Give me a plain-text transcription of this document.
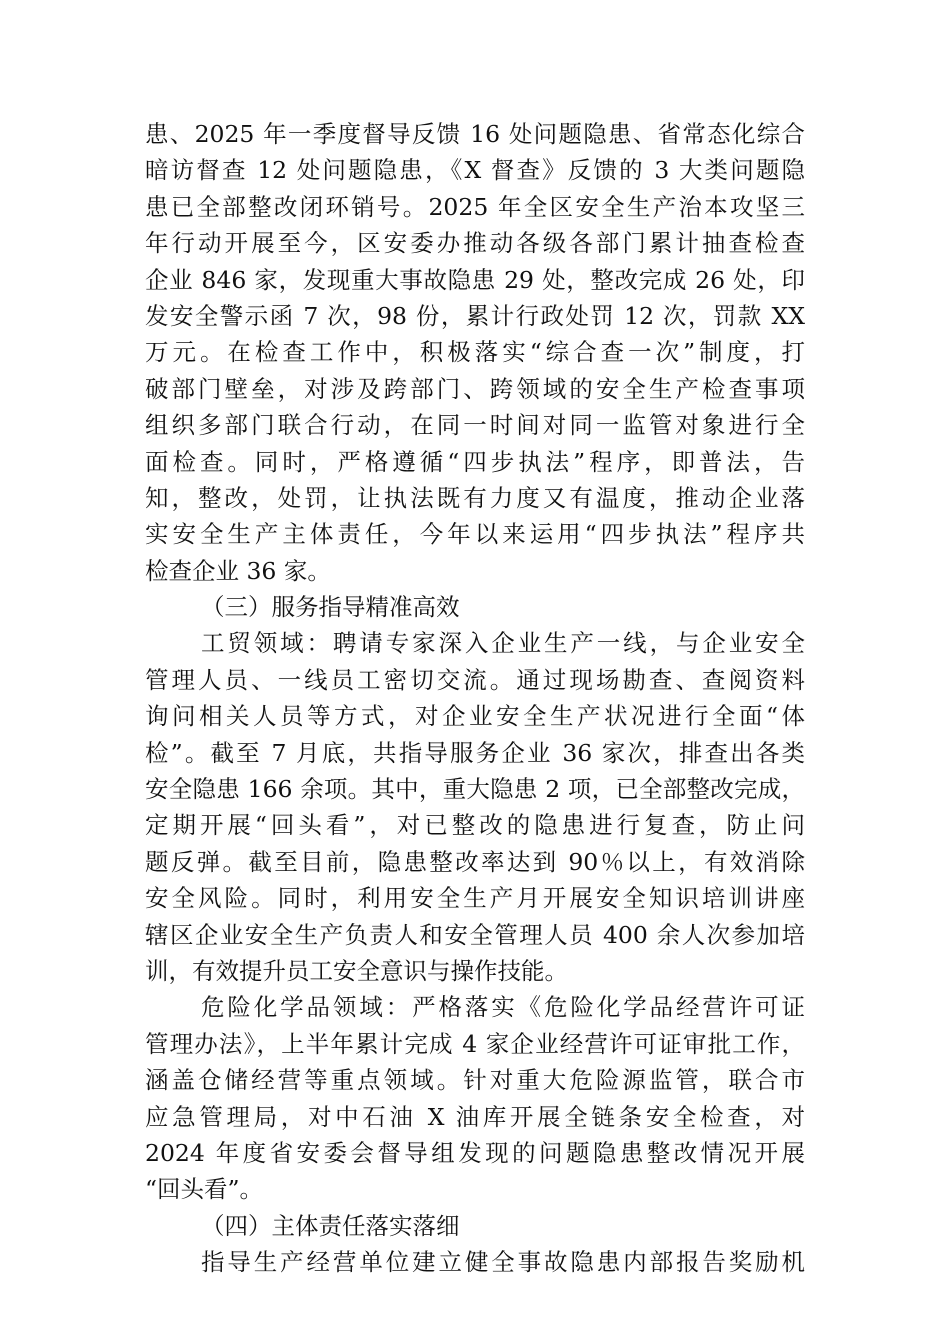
患、2025 年一季度督导反馈 16 处问题隐患、省常态化综合
暗访督查 12 处问题隐患，《X 督查》反馈的 3 大类问题隐
患已全部整改闭环销号。2025 年全区安全生产治本攻坚三
年行动开展至今，区安委办推动各级各部门累计抽查检查
企业 846 家，发现重大事故隐患 29 处，整改完成 26 处，印
发安全警示函 7 次，98 份，累计行政处罚 12 次，罚款 XX
万元。在检查工作中，积极落实“综合查一次”制度，打
破部门壁垒，对涉及跨部门、跨领域的安全生产检查事项
组织多部门联合行动，在同一时间对同一监管对象进行全
面检查。同时，严格遵循“四步执法”程序，即普法，告
知，整改，处罚，让执法既有力度又有温度，推动企业落
实安全生产主体责任，今年以来运用“四步执法”程序共
检查企业 36 家。
（三）服务指导精准高效
工贸领域：聘请专家深入企业生产一线，与企业安全
管理人员、一线员工密切交流。通过现场勘查、查阅资料
询问相关人员等方式，对企业安全生产状况进行全面“体
检”。截至 7 月底，共指导服务企业 36 家次，排查出各类
安全隐患 166 余项。其中，重大隐患 2 项，已全部整改完成，
定期开展“回头看”，对已整改的隐患进行复查，防止问
题反弹。截至目前，隐患整改率达到 90％以上，有效消除
安全风险。同时，利用安全生产月开展安全知识培训讲座
辖区企业安全生产负责人和安全管理人员 400 余人次参加培
训，有效提升员工安全意识与操作技能。
危险化学品领域：严格落实《危险化学品经营许可证
管理办法》，上半年累计完成 4 家企业经营许可证审批工作，
涵盖仓储经营等重点领域。针对重大危险源监管，联合市
应急管理局，对中石油 X 油库开展全链条安全检查，对
2024 年度省安委会督导组发现的问题隐患整改情况开展
“回头看”。
（四）主体责任落实落细
指导生产经营单位建立健全事故隐患内部报告奖励机
